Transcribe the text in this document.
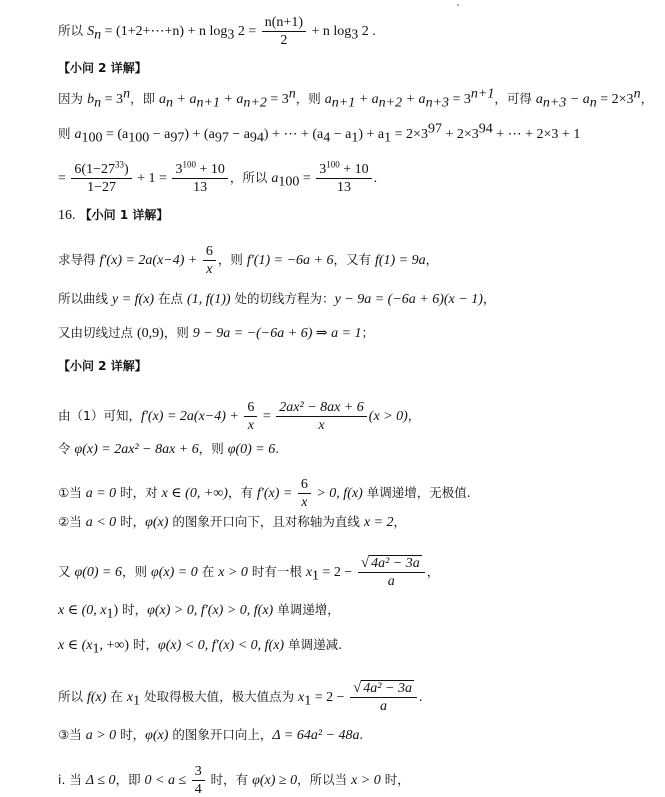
所以 $S_n$ = (1+2+⋯+n) + n $\log_3 2 = \frac{n(n+1)}{2} + n$ $\log_3 2$ .
【小问 2 详解】
因为 $b_n = 3^n$，即 $a_n + a_{n+1} + a_{n+2} = 3^n$，则 $a_{n+1} + a_{n+2} + a_{n+3} = 3^{n+1}$，可得 $a_{n+3} - a_n = 2\times 3^n$，
则 $a_{100} = (a_{100} - a_{97}) + (a_{97} - a_{94})$ + ⋯ + $(a_4 - a_1) + a_1 = 2\times 3^{97} + 2\times 3^{94}$ + ⋯ + 2×3 + 1
= $\frac{6(1-27^{33})}{1-27} + 1 = \frac{3^{100} + 10}{13}$ ，所以 $a_{100} = \frac{3^{100} + 10}{13}$ .
16. 【小问 1 详解】
求导得 $f'(x) = 2a(x-4) + \frac{6}{x}$ ，则 f′(1) = −6a + 6，又有 f(1) = 9a，
所以曲线 y = f(x) 在点 (1, f(1)) 处的切线方程为：y − 9a = (−6a + 6)(x − 1)，
又由切线过点 (0,9)，则 9 − 9a = −(−6a + 6) ⇒ a = 1；
【小问 2 详解】
由（1）可知，$f'(x) = 2a(x-4) + \frac{6}{x} = \frac{\text{2ax² − 8ax + 6}}{x} (x > 0)$，
令 φ(x) = 2ax² − 8ax + 6，则 φ(0) = 6.
①当 a = 0 时，对 x ∈ (0, +∞)，有 $f'(x) = \frac{6}{x} > 0$, f(x) 单调递增，无极值.
②当 a < 0 时，φ(x) 的图象开口向下，且对称轴为直线 x = 2，
又 φ(0) = 6，则 φ(x) = 0 在 x > 0 时有一根 $x_1 = 2$ − √ $\frac{\text{4a² − 3a}}{a}$ ，
x ∈ (0, $x_1$) 时，φ(x) > 0, f′(x) > 0, f(x) 单调递增，
x ∈ ($x_1$, +∞) 时，φ(x) < 0, f′(x) < 0, f(x) 单调递减.
所以 f(x) 在 $x_1$ 处取得极大值，极大值点为 $x_1 = 2$ − √ $\frac{\text{4a² − 3a}}{a}$ .
③当 a > 0 时，φ(x) 的图象开口向上，Δ = 64a² − 48a.
i. 当 Δ ≤ 0，即 $0 < a \le \frac{3}{4}$ 时，有 φ(x) ≥ 0，所以当 x > 0 时，
